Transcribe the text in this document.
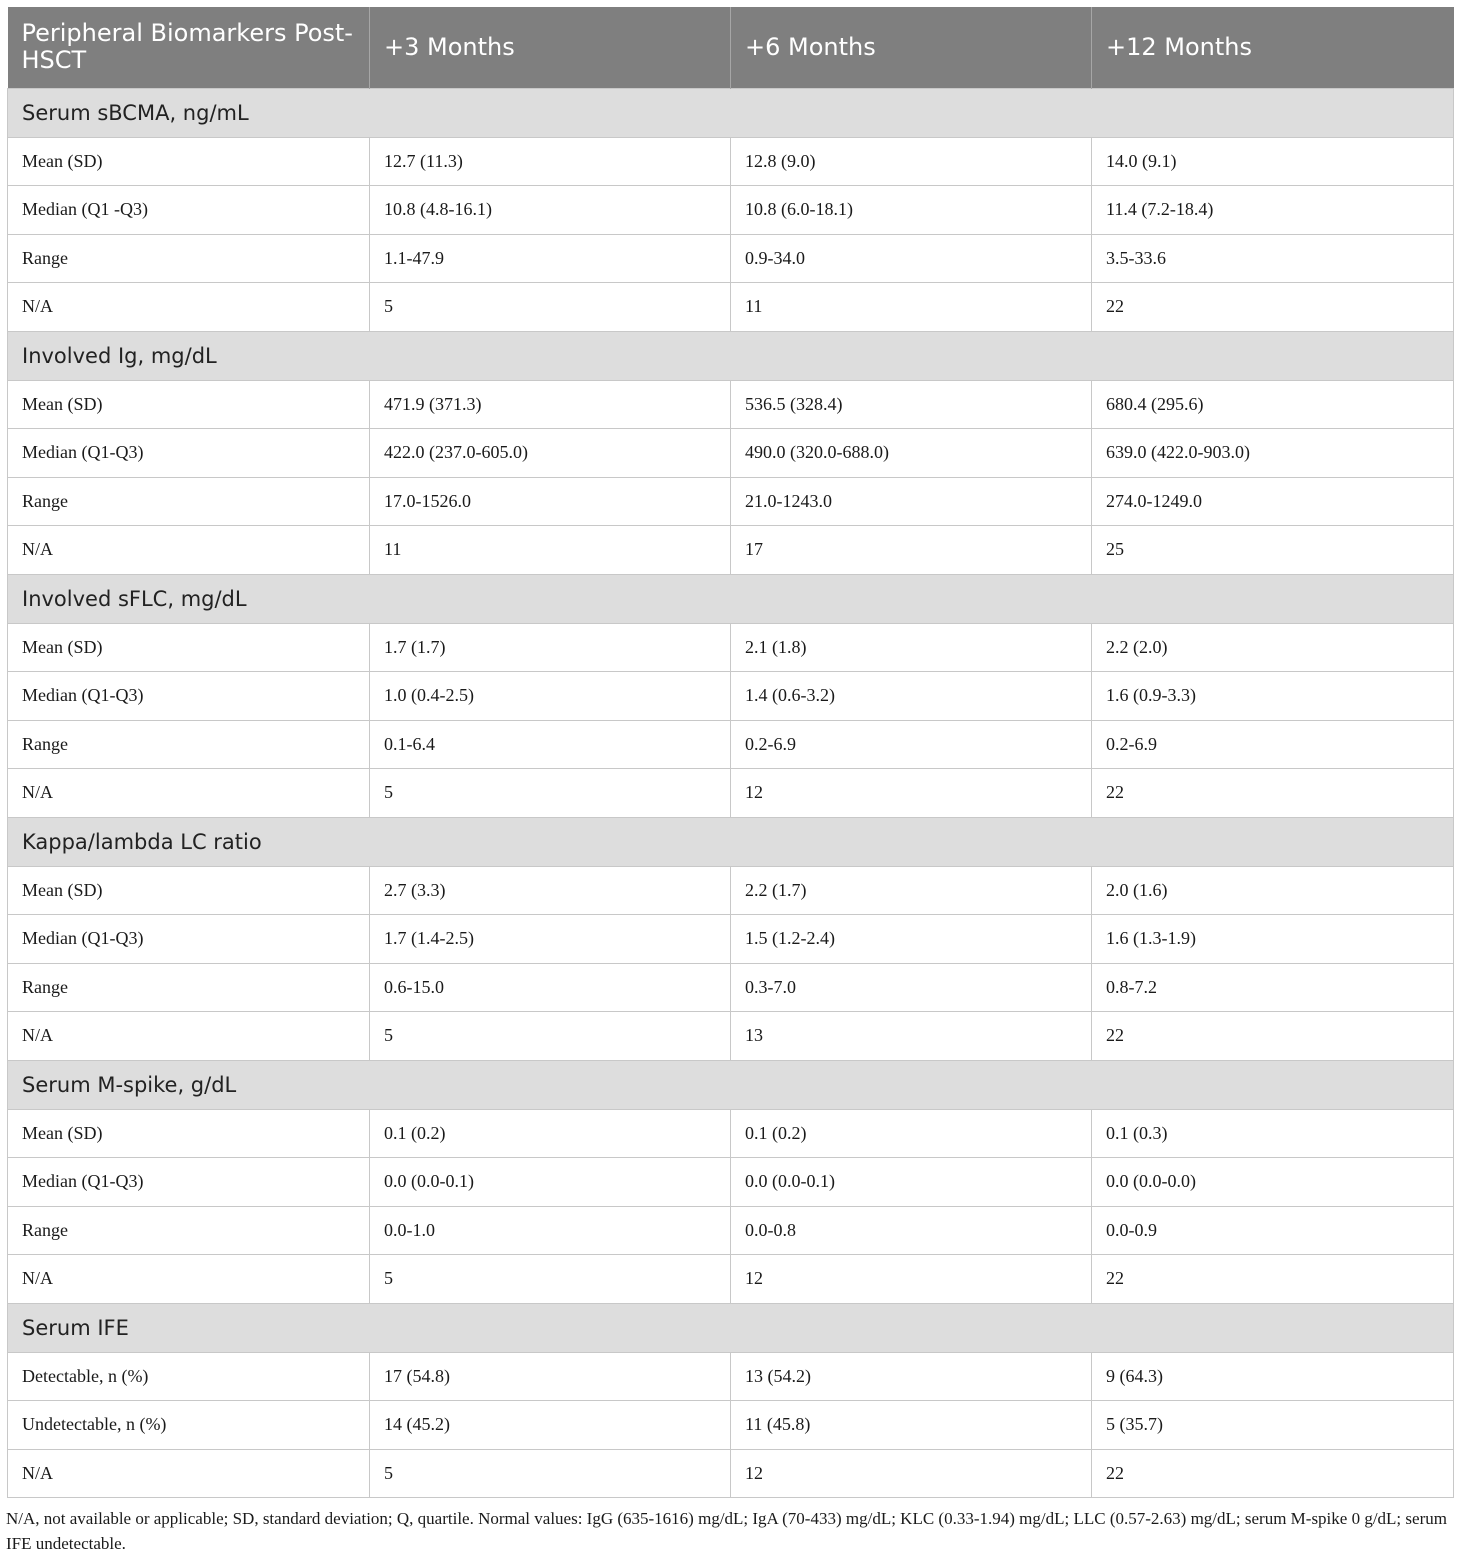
Peripheral Biomarkers Post-HSCT	+3 Months	+6 Months	+12 Months
Serum sBCMA, ng/mL			
Mean (SD)	12.7 (11.3)	12.8 (9.0)	14.0 (9.1)
Median (Q1 -Q3)	10.8 (4.8-16.1)	10.8 (6.0-18.1)	11.4 (7.2-18.4)
Range	1.1-47.9	0.9-34.0	3.5-33.6
N/A	5	11	22
Involved Ig, mg/dL			
Mean (SD)	471.9 (371.3)	536.5 (328.4)	680.4 (295.6)
Median (Q1-Q3)	422.0 (237.0-605.0)	490.0 (320.0-688.0)	639.0 (422.0-903.0)
Range	17.0-1526.0	21.0-1243.0	274.0-1249.0
N/A	11	17	25
Involved sFLC, mg/dL			
Mean (SD)	1.7 (1.7)	2.1 (1.8)	2.2 (2.0)
Median (Q1-Q3)	1.0 (0.4-2.5)	1.4 (0.6-3.2)	1.6 (0.9-3.3)
Range	0.1-6.4	0.2-6.9	0.2-6.9
N/A	5	12	22
Kappa/lambda LC ratio			
Mean (SD)	2.7 (3.3)	2.2 (1.7)	2.0 (1.6)
Median (Q1-Q3)	1.7 (1.4-2.5)	1.5 (1.2-2.4)	1.6 (1.3-1.9)
Range	0.6-15.0	0.3-7.0	0.8-7.2
N/A	5	13	22
Serum M-spike, g/dL			
Mean (SD)	0.1 (0.2)	0.1 (0.2)	0.1 (0.3)
Median (Q1-Q3)	0.0 (0.0-0.1)	0.0 (0.0-0.1)	0.0 (0.0-0.0)
Range	0.0-1.0	0.0-0.8	0.0-0.9
N/A	5	12	22
Serum IFE			
Detectable, n (%)	17 (54.8)	13 (54.2)	9 (64.3)
Undetectable, n (%)	14 (45.2)	11 (45.8)	5 (35.7)
N/A	5	12	22
N/A, not available or applicable; SD, standard deviation; Q, quartile. Normal values: IgG (635-1616) mg/dL; IgA (70-433) mg/dL; KLC (0.33-1.94) mg/dL; LLC (0.57-2.63) mg/dL; serum M-spike 0 g/dL; serum IFE undetectable.
